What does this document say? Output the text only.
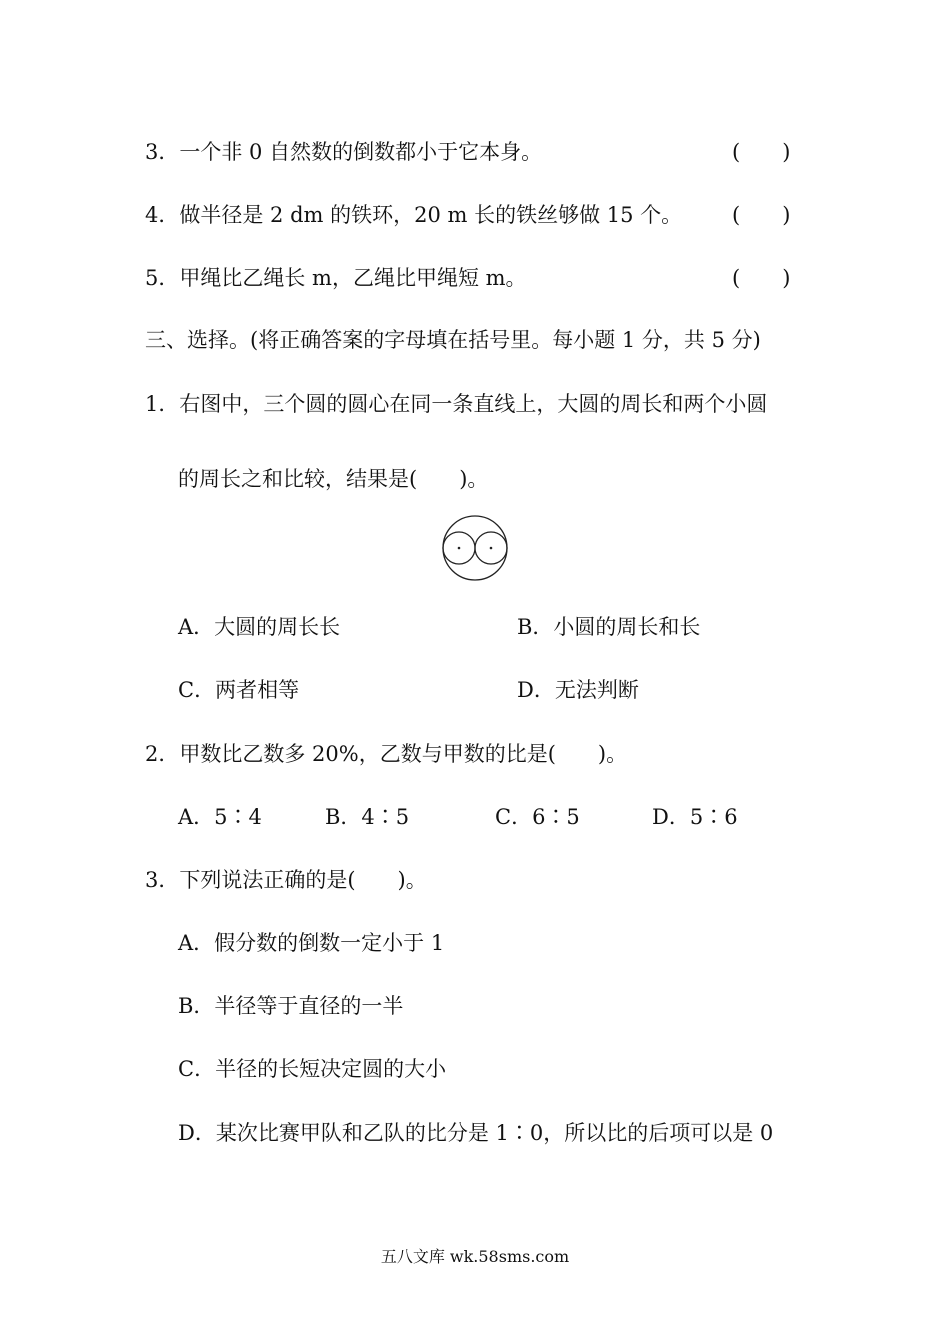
3．一个非 0 自然数的倒数都小于它本身。	(　　)
4．做半径是 2 dm 的铁环，20 m 长的铁丝够做 15 个。 (　　)
5．甲绳比乙绳长 m，乙绳比甲绳短 m。	(　　)
三、选择。(将正确答案的字母填在括号里。每小题 1 分，共 5 分)
1．右图中，三个圆的圆心在同一条直线上，大圆的周长和两个小圆
的周长之和比较，结果是(　　)。
A．大圆的周长长	B．小圆的周长和长
C．两者相等	D．无法判断
2．甲数比乙数多 20%，乙数与甲数的比是(　　)。
A．5∶4	B．4∶5	C．6∶5	D．5∶6
3．下列说法正确的是(　　)。
A．假分数的倒数一定小于 1
B．半径等于直径的一半
C．半径的长短决定圆的大小
D．某次比赛甲队和乙队的比分是 1∶0，所以比的后项可以是 0
五八文库 wk.58sms.com
